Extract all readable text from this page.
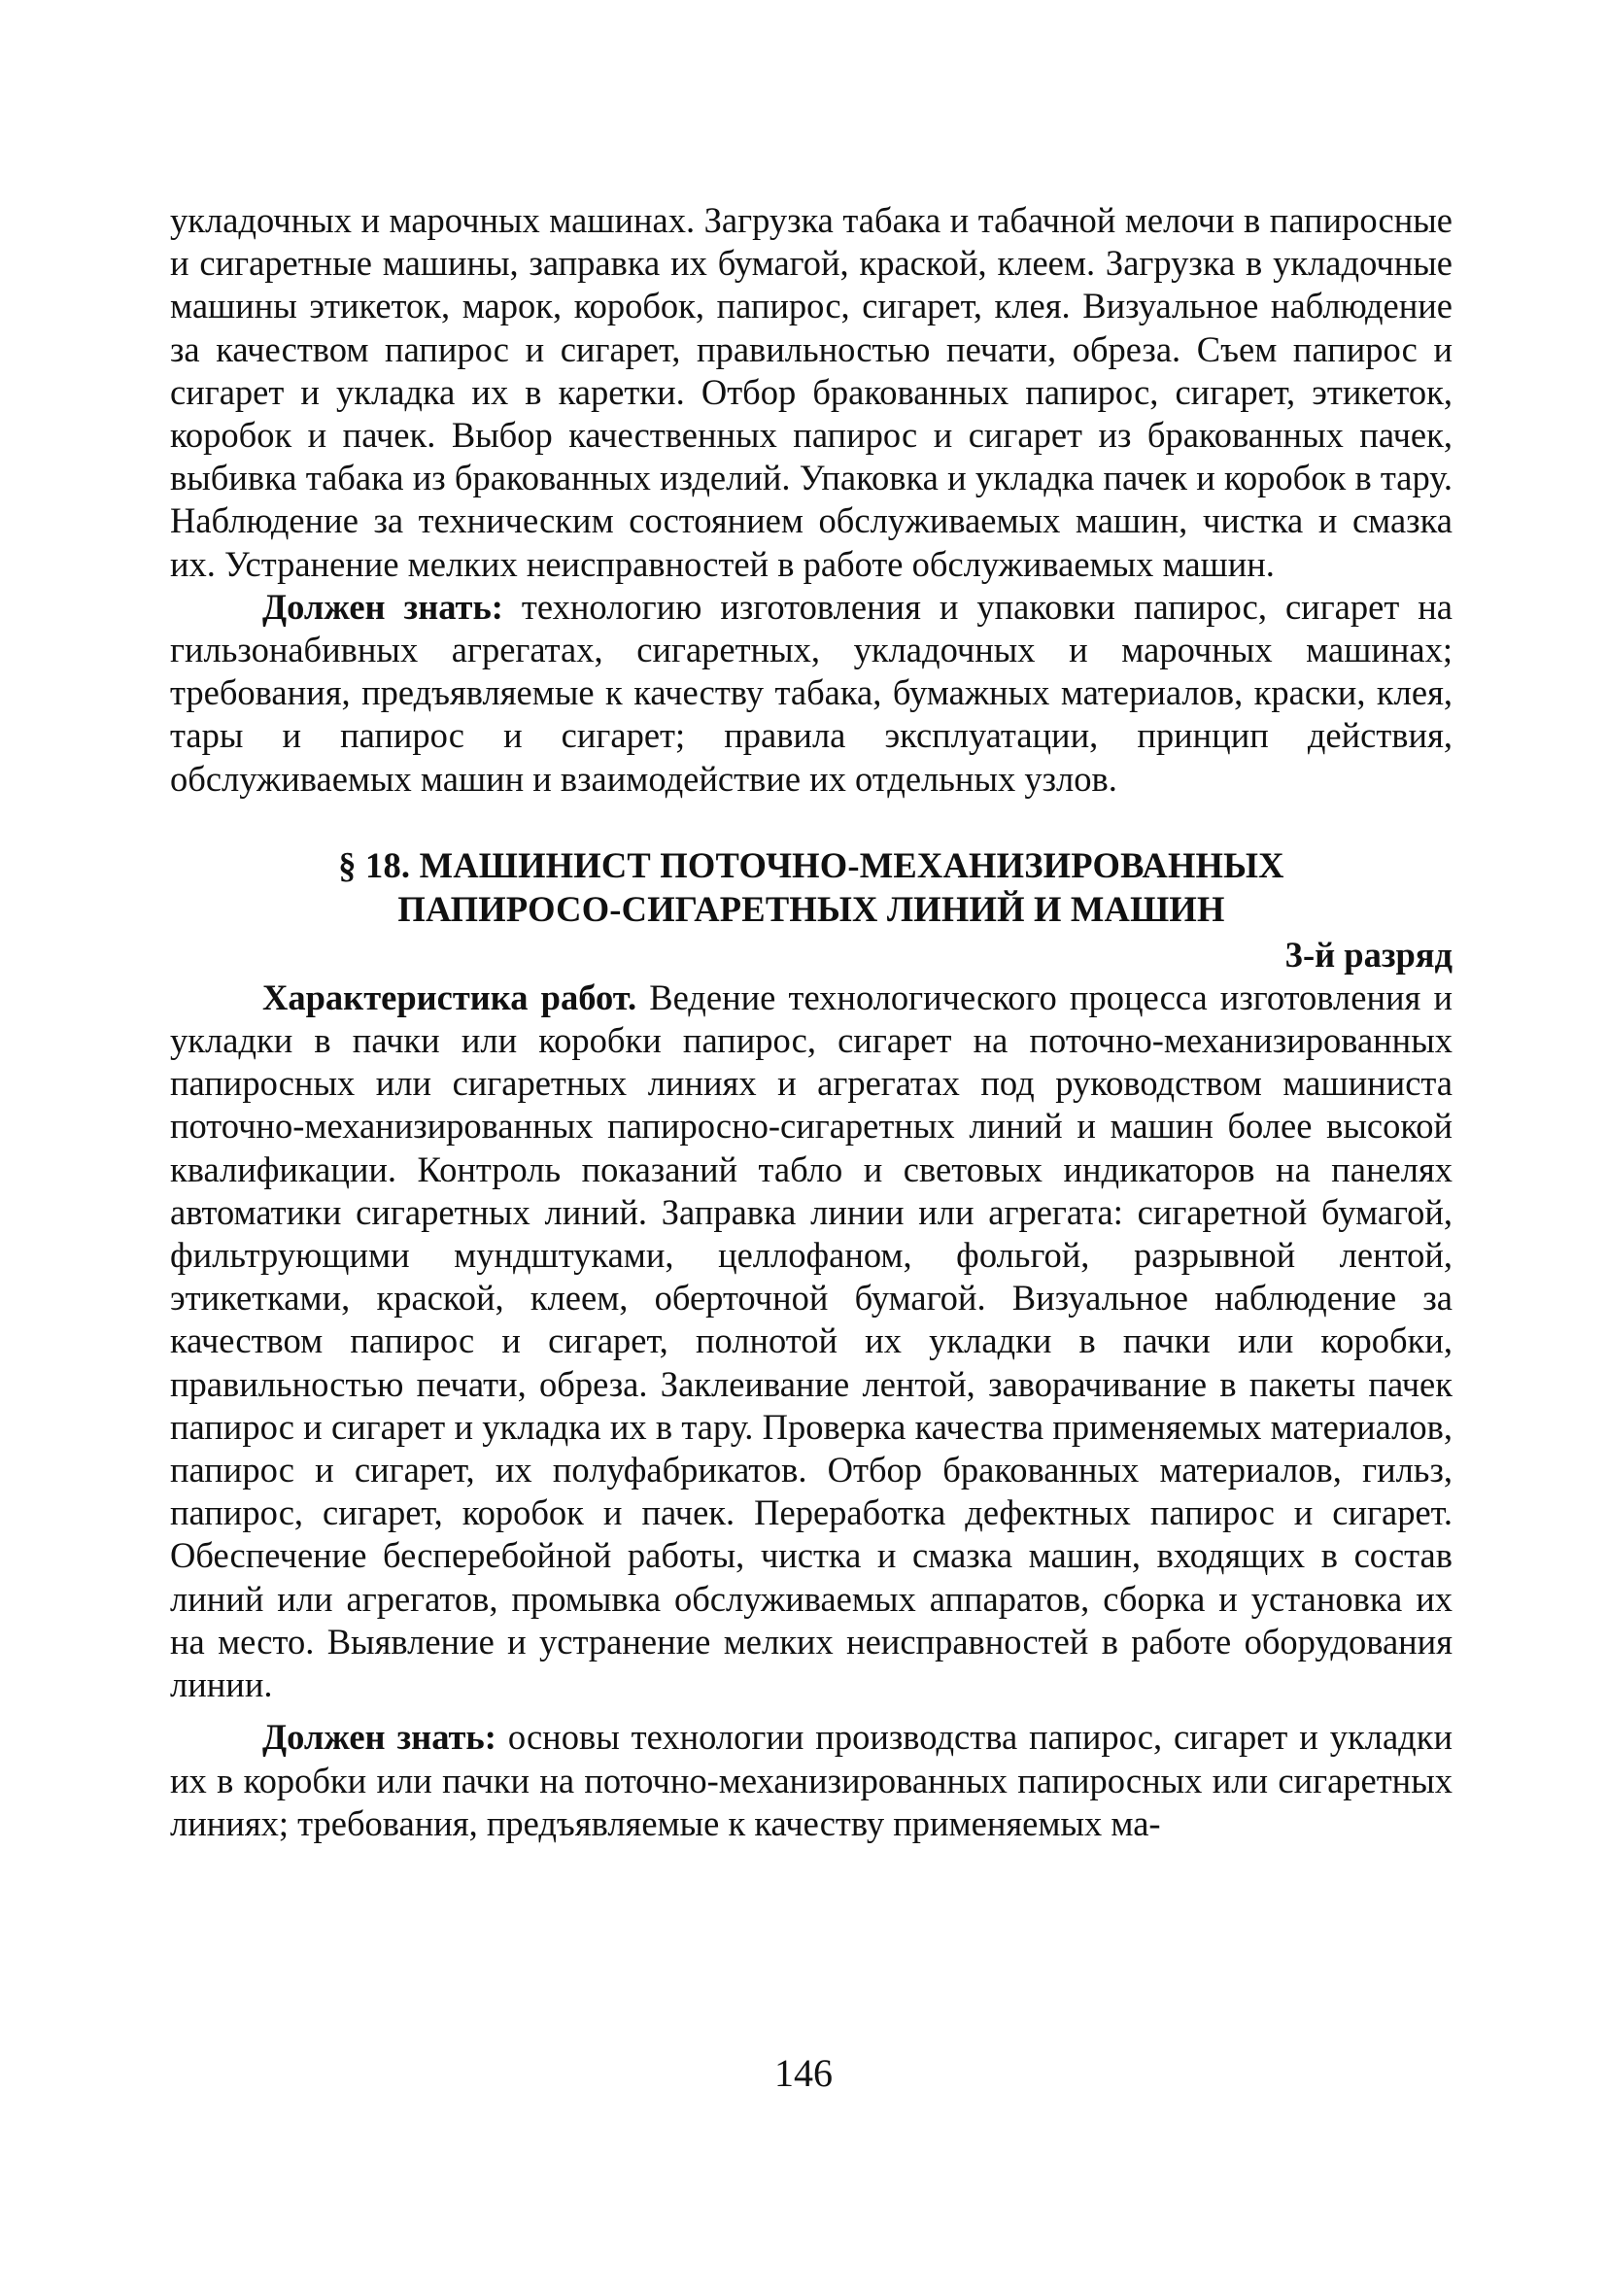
укладочных и марочных машинах. Загрузка табака и табачной мелочи в папиросные и сигаретные машины, заправка их бумагой, краской, клеем. Загрузка в укладочные машины этикеток, марок, коробок, папирос, сигарет, клея. Визуальное наблюдение за качеством папирос и сигарет, правильностью печати, обреза. Съем папирос и сигарет и укладка их в каретки. Отбор бракованных папирос, сигарет, этикеток, коробок и пачек. Выбор качественных папирос и сигарет из бракованных пачек, выбивка табака из бракованных изделий. Упаковка и укладка пачек и коробок в тару. Наблюдение за техническим состоянием обслуживаемых машин, чистка и смазка их. Устранение мелких неисправностей в работе обслуживаемых машин.

Должен знать: технологию изготовления и упаковки папирос, сигарет на гильзонабивных агрегатах, сигаретных, укладочных и марочных машинах; требования, предъявляемые к качеству табака, бумажных материалов, краски, клея, тары и папирос и сигарет; правила эксплуатации, принцип действия, обслуживаемых машин и взаимодействие их отдельных узлов.

§ 18. МАШИНИСТ ПОТОЧНО-МЕХАНИЗИРОВАННЫХ
ПАПИРОСО-СИГАРЕТНЫХ ЛИНИЙ И МАШИН
3-й разряд

Характеристика работ. Ведение технологического процесса изготовления и укладки в пачки или коробки папирос, сигарет на поточно-механизированных папиросных или сигаретных линиях и агрегатах под руководством машиниста поточно-механизированных папиросно-сигаретных линий и машин более высокой квалификации. Контроль показаний табло и световых индикаторов на панелях автоматики сигаретных линий. Заправка линии или агрегата: сигаретной бумагой, фильтрующими мундштуками, целлофаном, фольгой, разрывной лентой, этикетками, краской, клеем, оберточной бумагой. Визуальное наблюдение за качеством папирос и сигарет, полнотой их укладки в пачки или коробки, правильностью печати, обреза. Заклеивание лентой, заворачивание в пакеты пачек папирос и сигарет и укладка их в тару. Проверка качества применяемых материалов, папирос и сигарет, их полуфабрикатов. Отбор бракованных материалов, гильз, папирос, сигарет, коробок и пачек. Переработка дефектных папирос и сигарет. Обеспечение бесперебойной работы, чистка и смазка машин, входящих в состав линий или агрегатов, промывка обслуживаемых аппаратов, сборка и установка их на место. Выявление и устранение мелких неисправностей в работе оборудования линии.

Должен знать: основы технологии производства папирос, сигарет и укладки их в коробки или пачки на поточно-механизированных папиросных или сигаретных линиях; требования, предъявляемые к качеству применяемых ма-

146
